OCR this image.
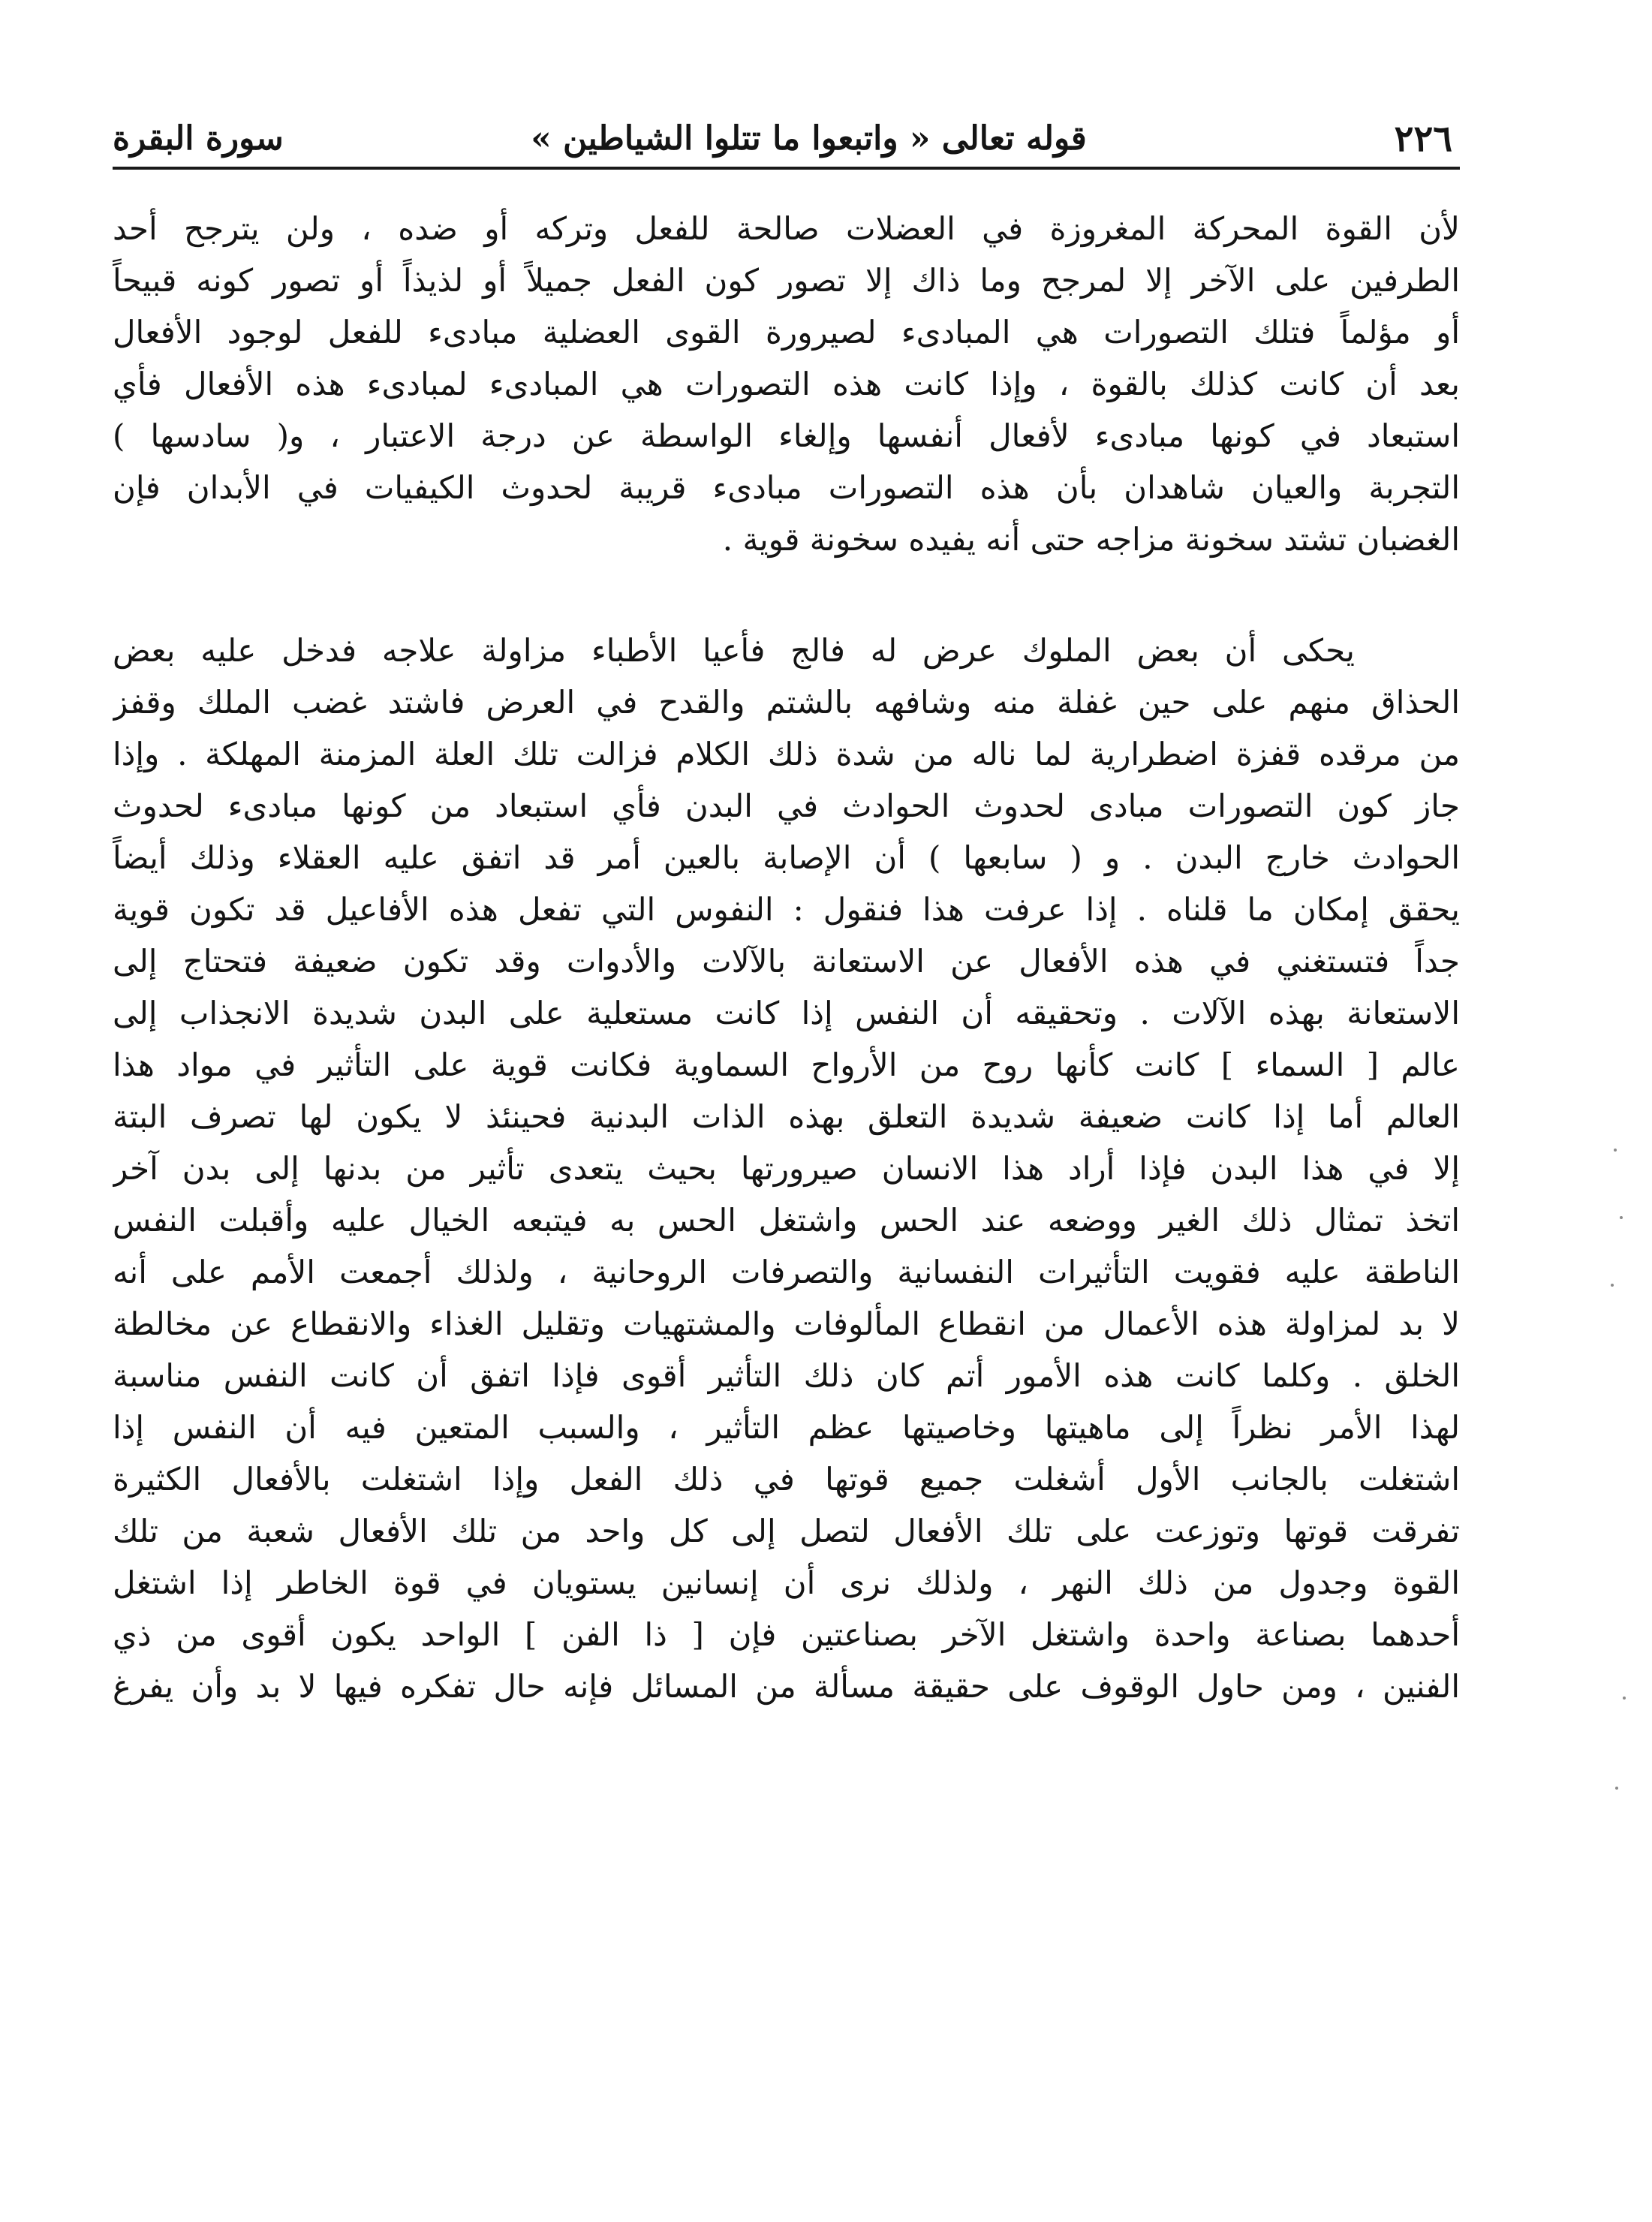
٢٢٦
قوله تعالى « واتبعوا ما تتلوا الشياطين »
سورة البقرة
لأن القوة المحركة المغروزة في العضلات صالحة للفعل وتركه أو ضده ، ولن يترجح أحد
الطرفين على الآخر إلا لمرجح وما ذاك إلا تصور كون الفعل جميلاً أو لذيذاً أو تصور كونه قبيحاً
أو مؤلماً فتلك التصورات هي المبادىء لصيرورة القوى العضلية مبادىء للفعل لوجود الأفعال
بعد أن كانت كذلك بالقوة ، وإذا كانت هذه التصورات هي المبادىء لمبادىء هذه الأفعال فأي
استبعاد في كونها مبادىء لأفعال أنفسها وإلغاء الواسطة عن درجة الاعتبار ، و( سادسها )
التجربة والعيان شاهدان بأن هذه التصورات مبادىء قريبة لحدوث الكيفيات في الأبدان فإن
الغضبان تشتد سخونة مزاجه حتى أنه يفيده سخونة قوية .
يحكى أن بعض الملوك عرض له فالج فأعيا الأطباء مزاولة علاجه فدخل عليه بعض
الحذاق منهم على حين غفلة منه وشافهه بالشتم والقدح في العرض فاشتد غضب الملك وقفز
من مرقده قفزة اضطرارية لما ناله من شدة ذلك الكلام فزالت تلك العلة المزمنة المهلكة . وإذا
جاز كون التصورات مبادى لحدوث الحوادث في البدن فأي استبعاد من كونها مبادىء لحدوث
الحوادث خارج البدن . و ( سابعها ) أن الإصابة بالعين أمر قد اتفق عليه العقلاء وذلك أيضاً
يحقق إمكان ما قلناه . إذا عرفت هذا فنقول : النفوس التي تفعل هذه الأفاعيل قد تكون قوية
جداً فتستغني في هذه الأفعال عن الاستعانة بالآلات والأدوات وقد تكون ضعيفة فتحتاج إلى
الاستعانة بهذه الآلات . وتحقيقه أن النفس إذا كانت مستعلية على البدن شديدة الانجذاب إلى
عالم [ السماء ] كانت كأنها روح من الأرواح السماوية فكانت قوية على التأثير في مواد هذا
العالم أما إذا كانت ضعيفة شديدة التعلق بهذه الذات البدنية فحينئذ لا يكون لها تصرف البتة
إلا في هذا البدن فإذا أراد هذا الانسان صيرورتها بحيث يتعدى تأثير من بدنها إلى بدن آخر
اتخذ تمثال ذلك الغير ووضعه عند الحس واشتغل الحس به فيتبعه الخيال عليه وأقبلت النفس
الناطقة عليه فقويت التأثيرات النفسانية والتصرفات الروحانية ، ولذلك أجمعت الأمم على أنه
لا بد لمزاولة هذه الأعمال من انقطاع المألوفات والمشتهيات وتقليل الغذاء والانقطاع عن مخالطة
الخلق . وكلما كانت هذه الأمور أتم كان ذلك التأثير أقوى فإذا اتفق أن كانت النفس مناسبة
لهذا الأمر نظراً إلى ماهيتها وخاصيتها عظم التأثير ، والسبب المتعين فيه أن النفس إذا
اشتغلت بالجانب الأول أشغلت جميع قوتها في ذلك الفعل وإذا اشتغلت بالأفعال الكثيرة
تفرقت قوتها وتوزعت على تلك الأفعال لتصل إلى كل واحد من تلك الأفعال شعبة من تلك
القوة وجدول من ذلك النهر ، ولذلك نرى أن إنسانين يستويان في قوة الخاطر إذا اشتغل
أحدهما بصناعة واحدة واشتغل الآخر بصناعتين فإن [ ذا الفن ] الواحد يكون أقوى من ذي
الفنين ، ومن حاول الوقوف على حقيقة مسألة من المسائل فإنه حال تفكره فيها لا بد وأن يفرغ
